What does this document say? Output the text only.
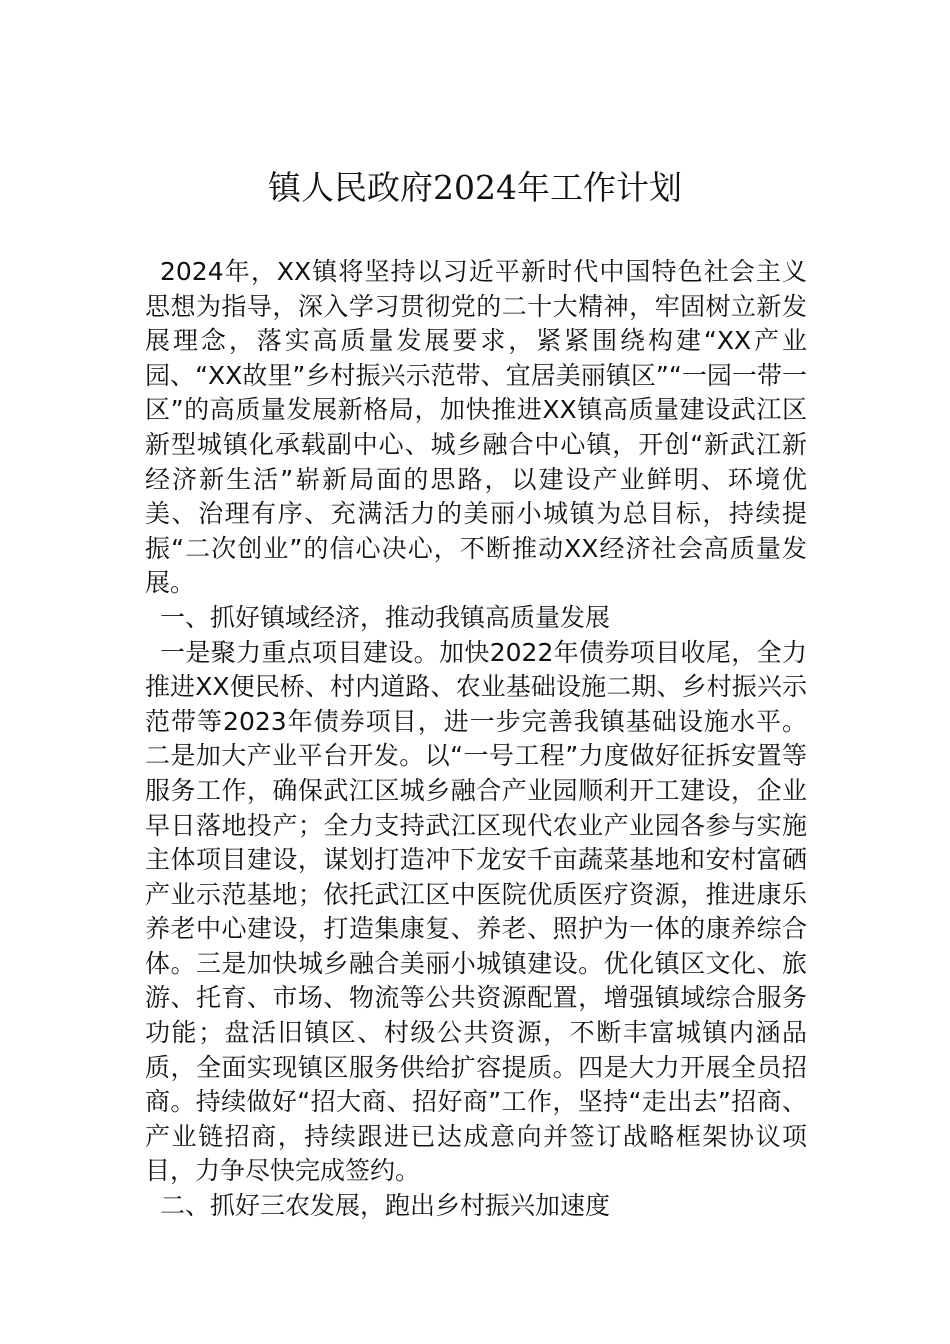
镇人民政府2024年工作计划

2024年，XX镇将坚持以习近平新时代中国特色社会主义思想为指导，深入学习贯彻党的二十大精神，牢固树立新发展理念，落实高质量发展要求，紧紧围绕构建“XX产业园、“XX故里”乡村振兴示范带、宜居美丽镇区”“一园一带一区”的高质量发展新格局，加快推进XX镇高质量建设武江区新型城镇化承载副中心、城乡融合中心镇，开创“新武江新经济新生活”崭新局面的思路，以建设产业鲜明、环境优美、治理有序、充满活力的美丽小城镇为总目标，持续提振“二次创业”的信心决心，不断推动XX经济社会高质量发展。

一、抓好镇域经济，推动我镇高质量发展

一是聚力重点项目建设。加快2022年债券项目收尾，全力推进XX便民桥、村内道路、农业基础设施二期、乡村振兴示范带等2023年债券项目，进一步完善我镇基础设施水平。二是加大产业平台开发。以“一号工程”力度做好征拆安置等服务工作，确保武江区城乡融合产业园顺利开工建设，企业早日落地投产；全力支持武江区现代农业产业园各参与实施主体项目建设，谋划打造冲下龙安千亩蔬菜基地和安村富硒产业示范基地；依托武江区中医院优质医疗资源，推进康乐养老中心建设，打造集康复、养老、照护为一体的康养综合体。三是加快城乡融合美丽小城镇建设。优化镇区文化、旅游、托育、市场、物流等公共资源配置，增强镇域综合服务功能；盘活旧镇区、村级公共资源，不断丰富城镇内涵品质，全面实现镇区服务供给扩容提质。四是大力开展全员招商。持续做好“招大商、招好商”工作，坚持“走出去”招商、产业链招商，持续跟进已达成意向并签订战略框架协议项目，力争尽快完成签约。

二、抓好三农发展，跑出乡村振兴加速度
